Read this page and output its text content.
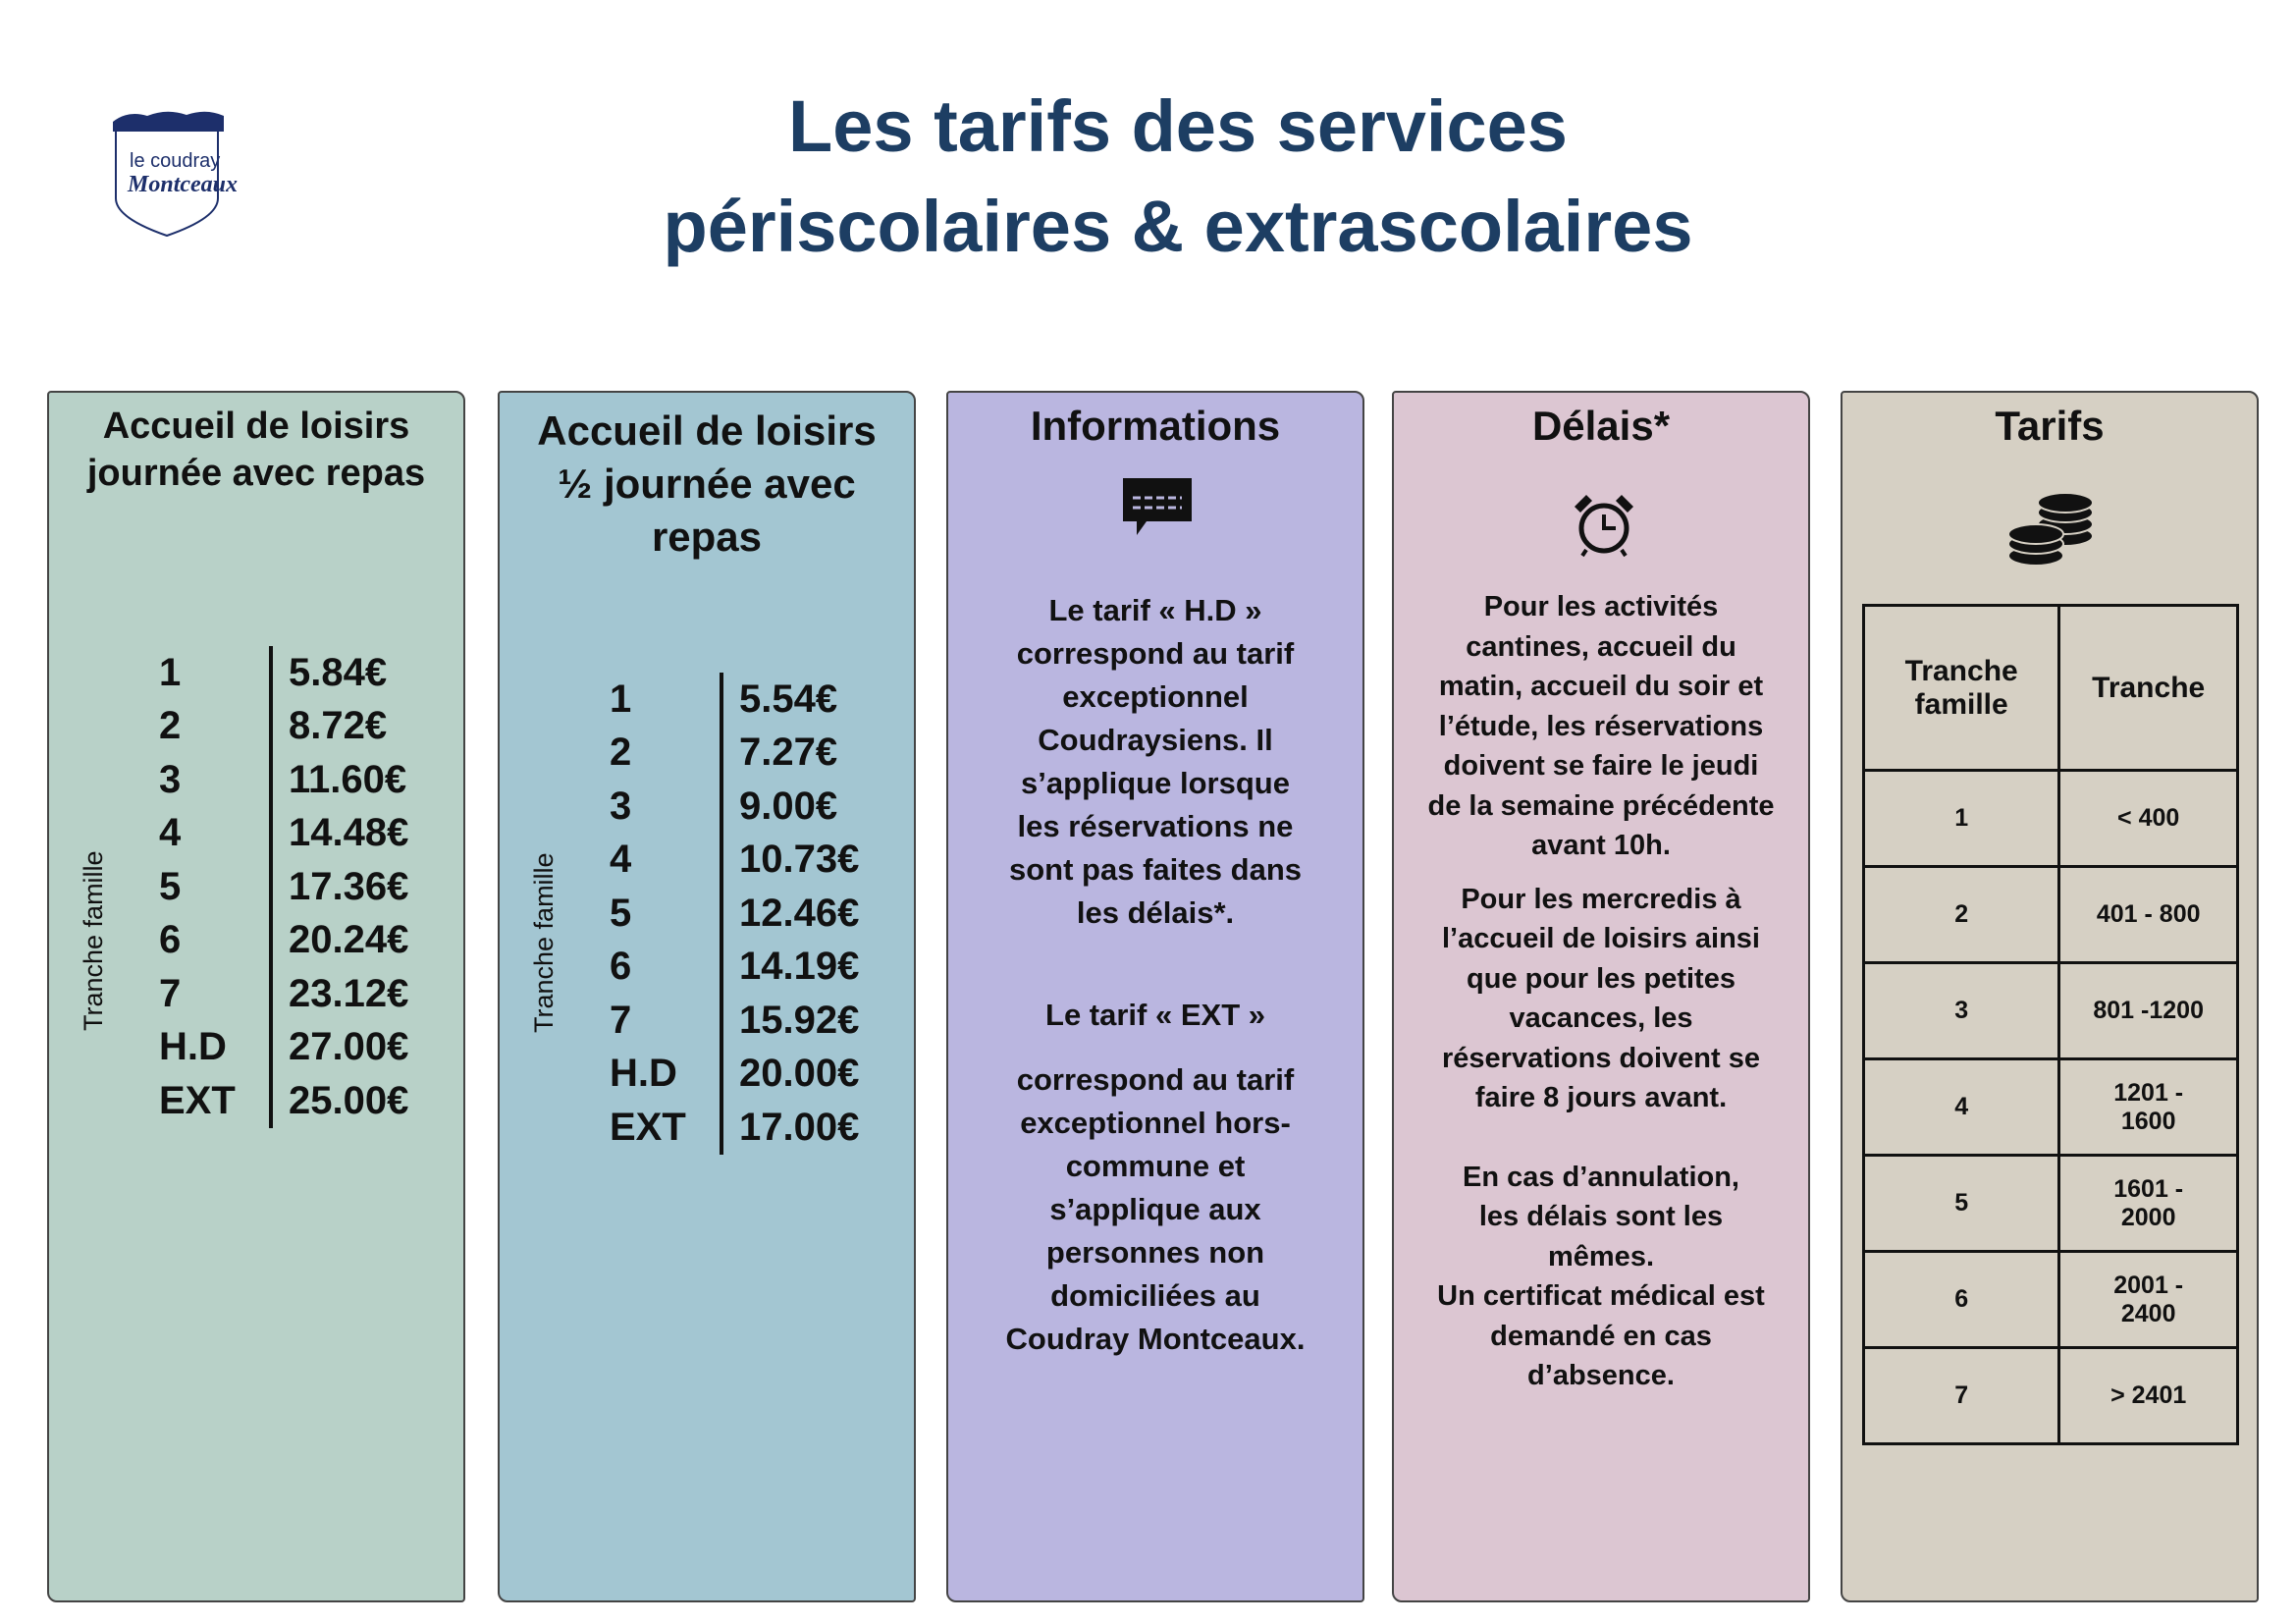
le coudray
Montceaux
Les tarifs des services
périscolaires & extrascolaires
Accueil de loisirs
journée avec repas
Tranche famille
1	5.84€
2	8.72€
3	11.60€
4	14.48€
5	17.36€
6	20.24€
7	23.12€
H.D	27.00€
EXT	25.00€
Accueil de loisirs
½ journée avec
repas
Tranche famille
1	5.54€
2	7.27€
3	9.00€
4	10.73€
5	12.46€
6	14.19€
7	15.92€
H.D	20.00€
EXT	17.00€
Informations
Le tarif « H.D » correspond au tarif exceptionnel Coudraysiens. Il s’applique lorsque les réservations ne sont pas faites dans les délais*.
Le tarif « EXT »
correspond au tarif exceptionnel hors-commune et s’applique aux personnes non domiciliées au Coudray Montceaux.
Délais*
Pour les activités cantines, accueil du matin, accueil du soir et l’étude, les réservations doivent se faire le jeudi de la semaine précédente avant 10h.
Pour les mercredis à l’accueil de loisirs ainsi que pour les petites vacances, les réservations doivent se faire 8 jours avant.
En cas d’annulation, les délais sont les mêmes.
Un certificat médical est demandé en cas d’absence.
Tarifs
Tranche famille	Tranche
1	< 400
2	401 - 800
3	801 -1200
4	1201 - 1600
5	1601 - 2000
6	2001 - 2400
7	> 2401
